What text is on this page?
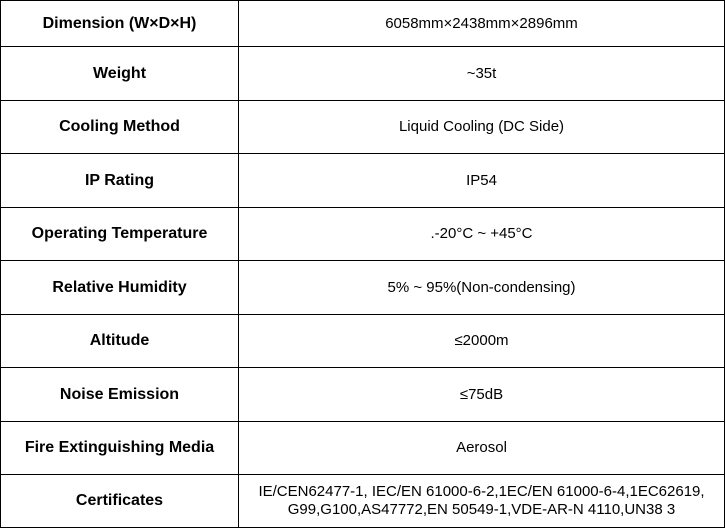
Dimension (W×D×H)	6058mm×2438mm×2896mm
Weight	~35t
Cooling Method	Liquid Cooling (DC Side)
IP Rating	IP54
Operating Temperature	.-20°C ~ +45°C
Relative Humidity	5% ~ 95%(Non-condensing)
Altitude	≤2000m
Noise Emission	≤75dB
Fire Extinguishing Media	Aerosol
Certificates	IE/CEN62477-1, IEC/EN 61000-6-2,1EC/EN 61000-6-4,1EC62619, G99,G100,AS47772,EN 50549-1,VDE-AR-N 4110,UN38 3
